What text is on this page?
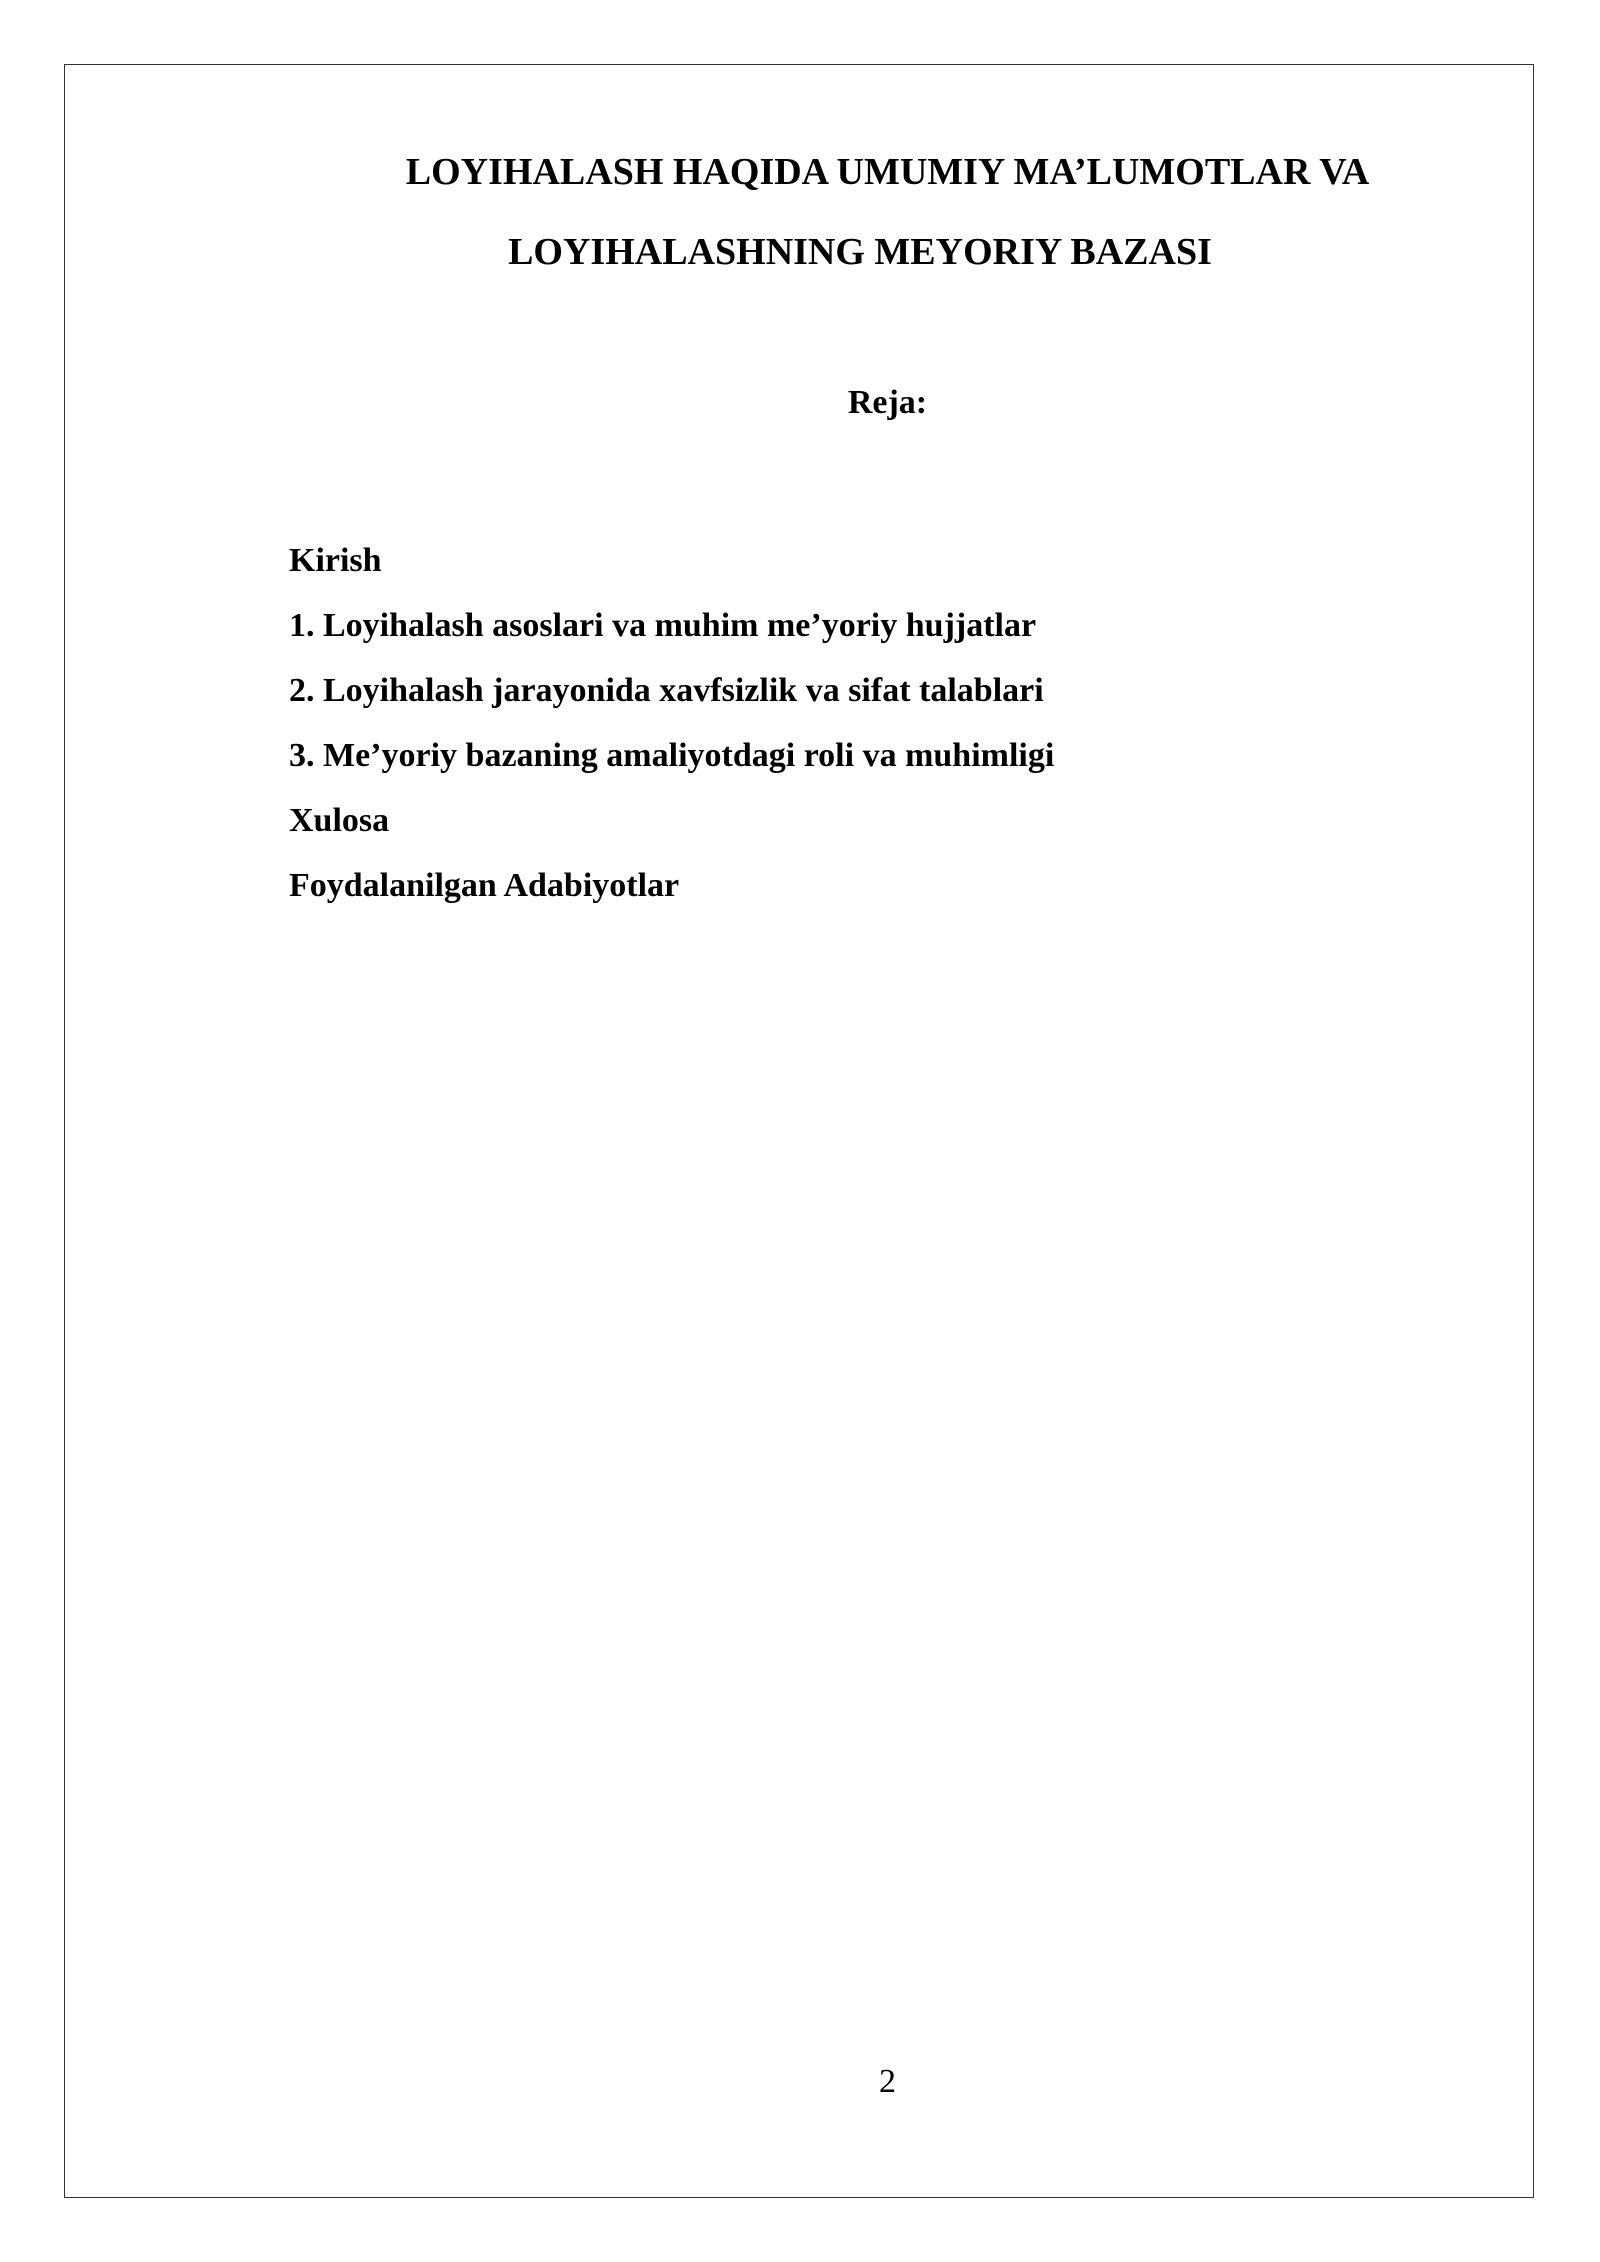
LOYIHALASH HAQIDA UMUMIY MA’LUMOTLAR VA
LOYIHALASHNING MEYORIY BAZASI
Reja:
Kirish
1. Loyihalash asoslari va muhim me’yoriy hujjatlar
2. Loyihalash jarayonida xavfsizlik va sifat talablari
3. Me’yoriy bazaning amaliyotdagi roli va muhimligi
Xulosa
Foydalanilgan Adabiyotlar
2
